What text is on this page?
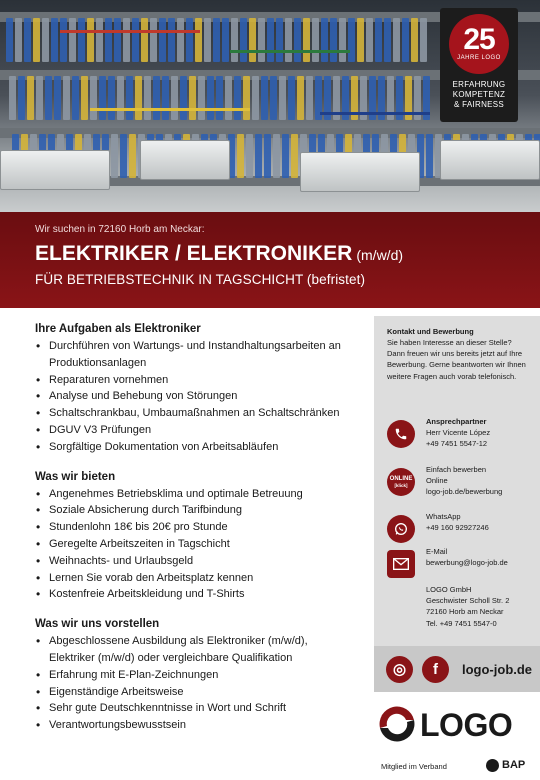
25
JAHRE LOGO
ERFAHRUNG
KOMPETENZ
& FAIRNESS
Wir suchen in 72160 Horb am Neckar:
ELEKTRIKER / ELEKTRONIKER (m/w/d)
FÜR BETRIEBSTECHNIK IN TAGSCHICHT (befristet)
Ihre Aufgaben als Elektroniker
• Durchführen von Wartungs- und Instandhaltungsarbeiten an Produktionsanlagen
• Reparaturen vornehmen
• Analyse und Behebung von Störungen
• Schaltschrankbau, Umbaumaßnahmen an Schaltschränken
• DGUV V3 Prüfungen
• Sorgfältige Dokumentation von Arbeitsabläufen
Was wir bieten
• Angenehmes Betriebsklima und optimale Betreuung
• Soziale Absicherung durch Tarifbindung
• Stundenlohn 18€ bis 20€ pro Stunde
• Geregelte Arbeitszeiten in Tagschicht
• Weihnachts- und Urlaubsgeld
• Lernen Sie vorab den Arbeitsplatz kennen
• Kostenfreie Arbeitskleidung und T-Shirts
Was wir uns vorstellen
• Abgeschlossene Ausbildung als Elektroniker (m/w/d), Elektriker (m/w/d) oder vergleichbare Qualifikation
• Erfahrung mit E-Plan-Zeichnungen
• Eigenständige Arbeitsweise
• Sehr gute Deutschkenntnisse in Wort und Schrift
• Verantwortungsbewusstsein
Kontakt und Bewerbung
Sie haben Interesse an dieser Stelle? Dann freuen wir uns bereits jetzt auf Ihre Bewerbung. Gerne beantworten wir Ihnen weitere Fragen auch vorab telefonisch.
Ansprechpartner
Herr Vicente López
+49 7451 5547-12
ONLINE
[klick]
Einfach bewerben
Online
logo-job.de/bewerbung
WhatsApp
+49 160 92927246
E-Mail
bewerbung@logo-job.de
LOGO GmbH
Geschwister Scholl Str. 2
72160 Horb am Neckar
Tel. +49 7451 5547-0
◎	f	logo-job.de
LOGO
Mitglied im Verband	BAP
